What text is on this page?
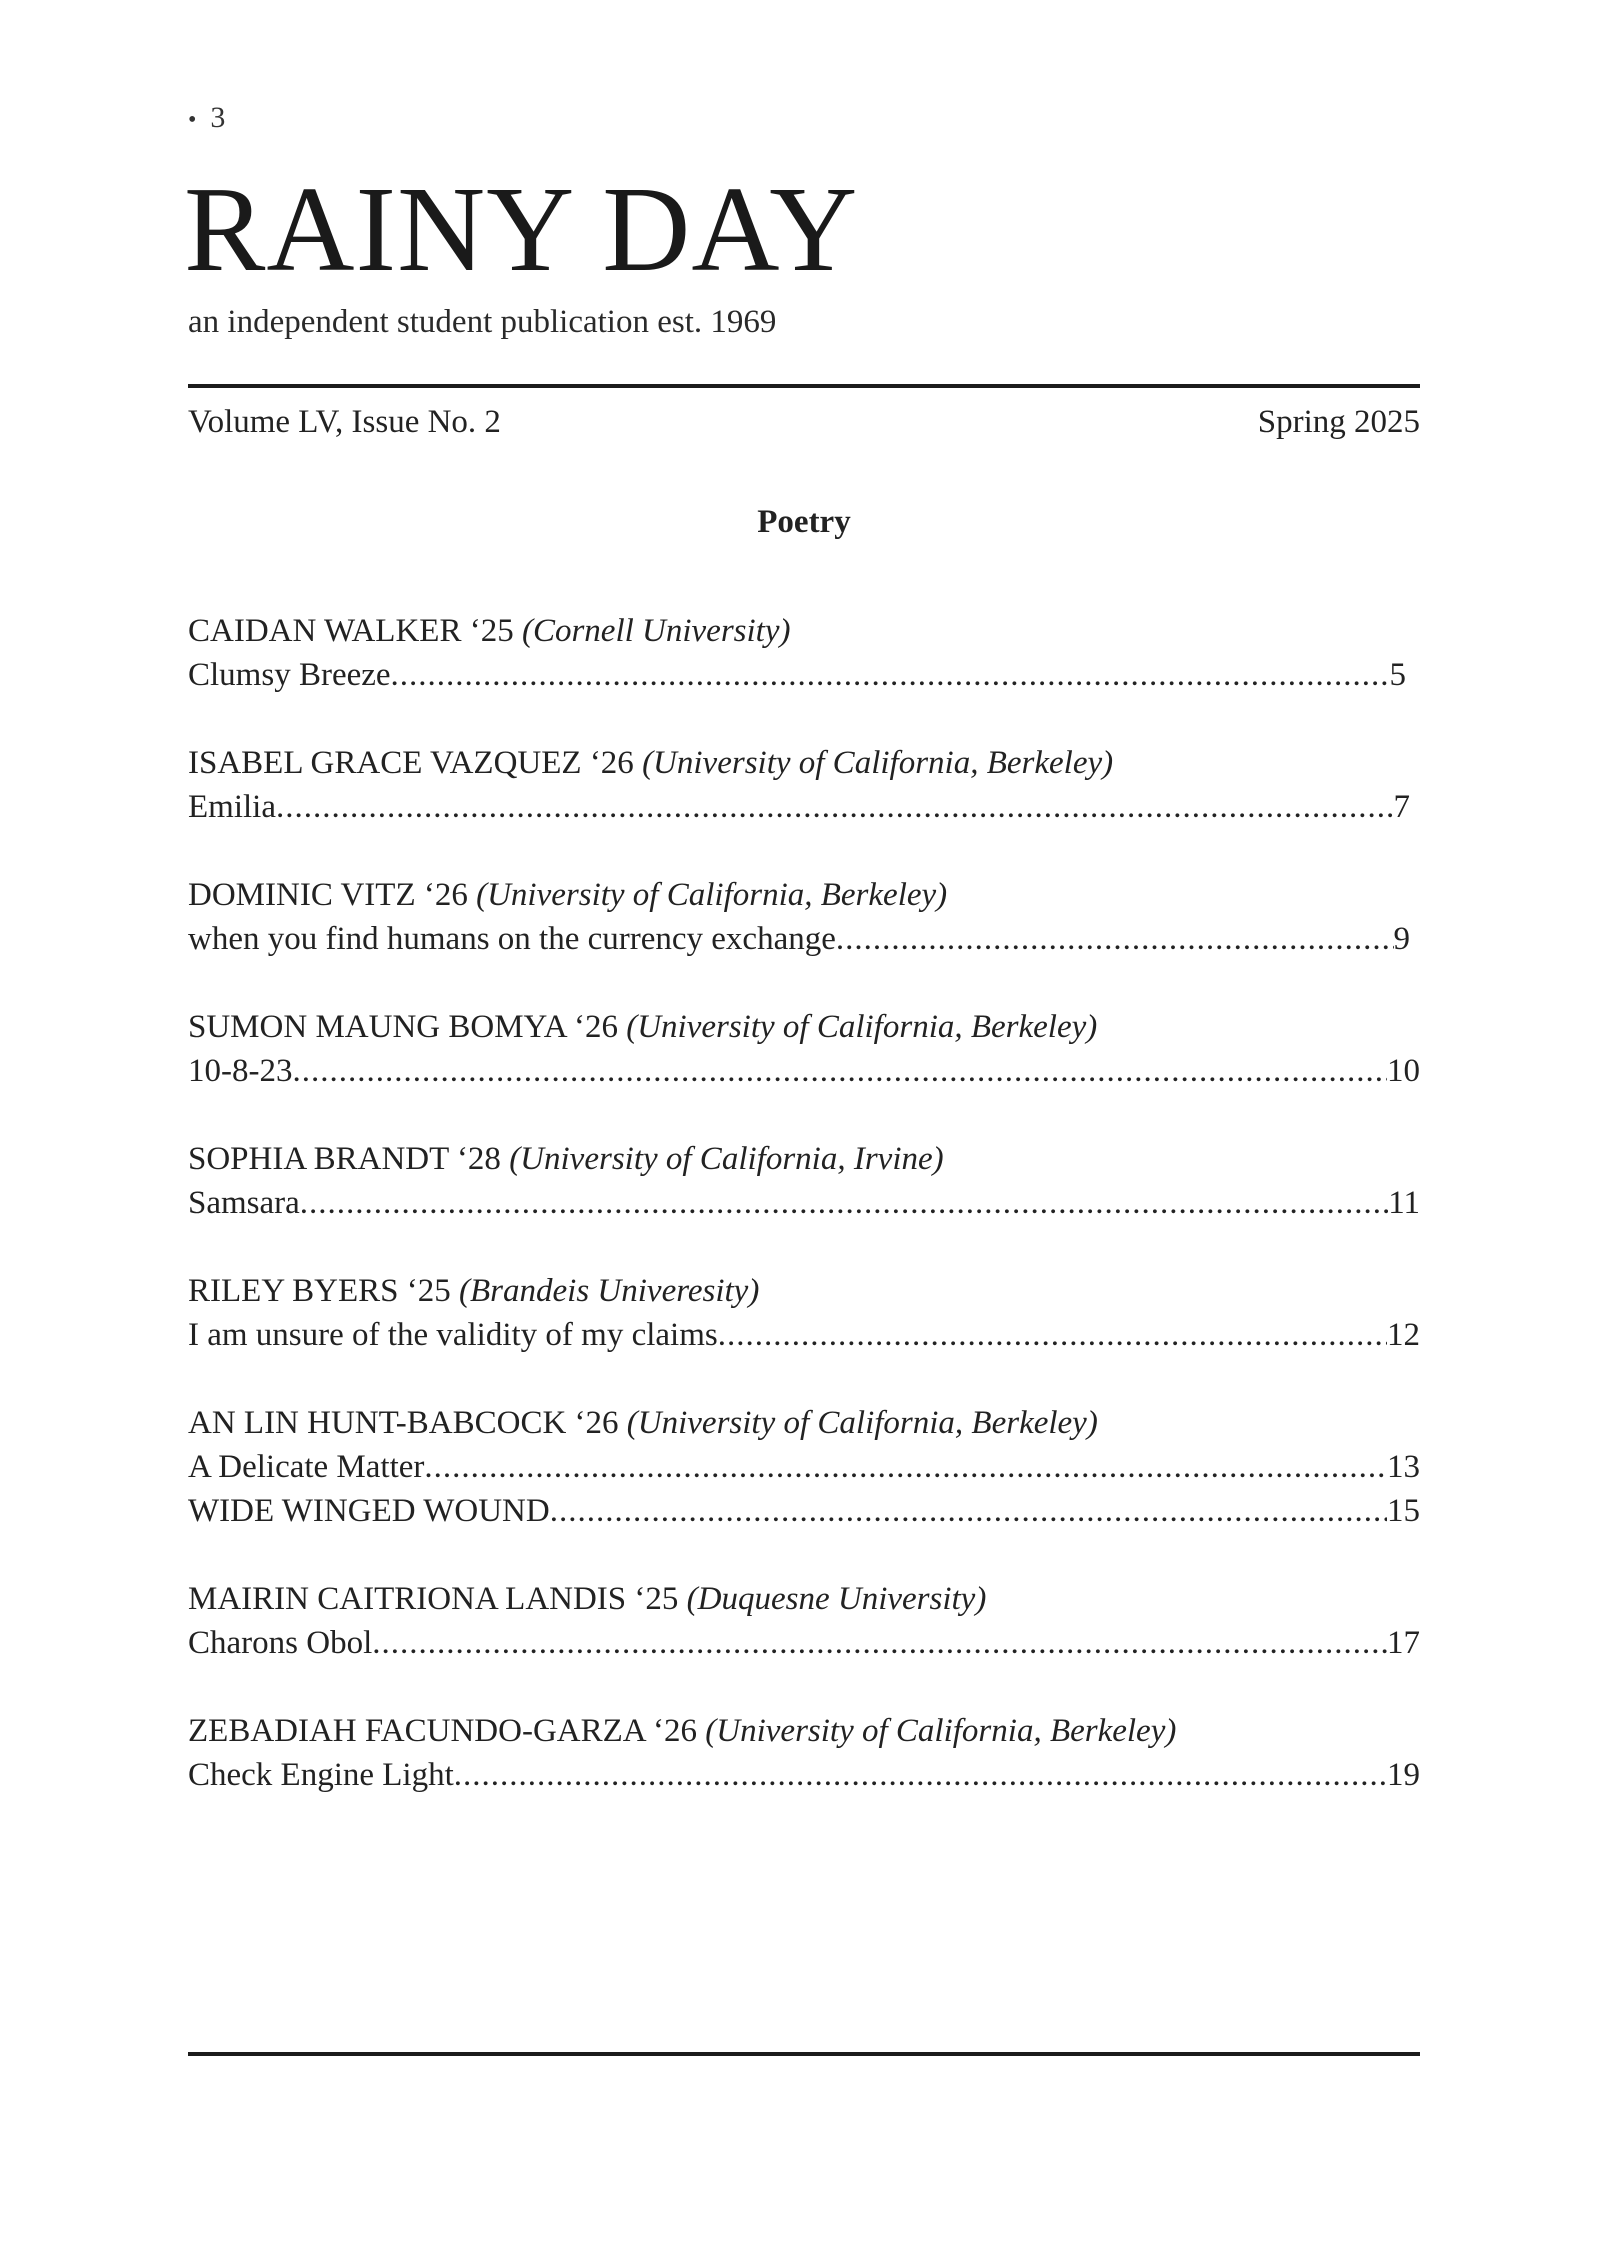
• 3
RAINY DAY
an independent student publication est. 1969
Volume LV, Issue No. 2	Spring 2025
Poetry
CAIDAN WALKER ‘25 (Cornell University)
Clumsy Breeze .....	5
ISABEL GRACE VAZQUEZ ‘26 (University of California, Berkeley)
Emilia .....	7
DOMINIC VITZ ‘26 (University of California, Berkeley)
when you find humans on the currency exchange .....	9
SUMON MAUNG BOMYA ‘26 (University of California, Berkeley)
10-8-23 .....	10
SOPHIA BRANDT ‘28 (University of California, Irvine)
Samsara .....	11
RILEY BYERS ‘25 (Brandeis Univeresity)
I am unsure of the validity of my claims .....	12
AN LIN HUNT-BABCOCK ‘26 (University of California, Berkeley)
A Delicate Matter .....	13
WIDE WINGED WOUND .....	15
MAIRIN CAITRIONA LANDIS ‘25 (Duquesne University)
Charons Obol .....	17
ZEBADIAH FACUNDO-GARZA ‘26 (University of California, Berkeley)
Check Engine Light .....	19
